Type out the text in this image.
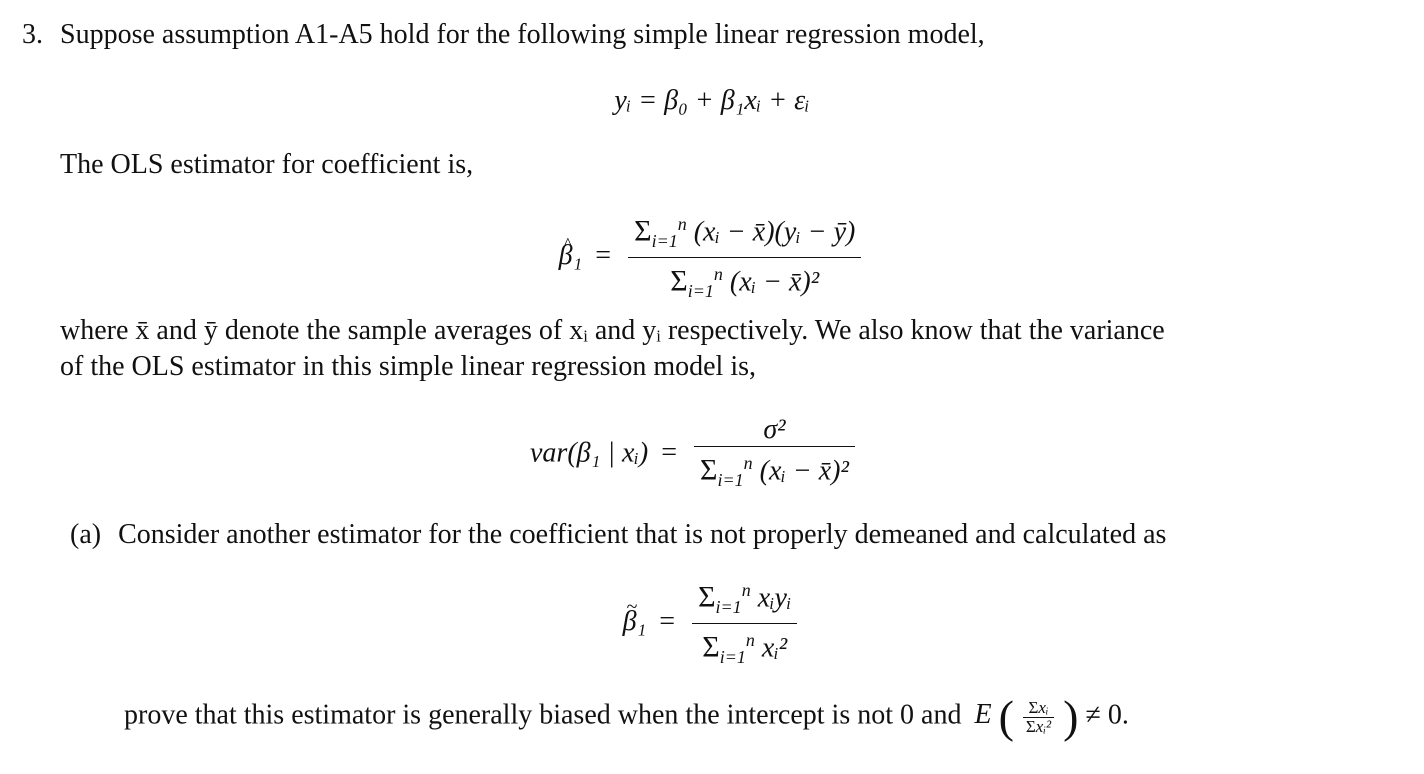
3. Suppose assumption A1-A5 hold for the following simple linear regression model,
yᵢ = β₀ + β₁xᵢ + εᵢ
The OLS estimator for coefficient is,
^ $\beta_1 = \frac{\Sigma_{i=1}^n (xᵢ - x̄)(yᵢ - ȳ)}{\Sigma_{i=1}^n (xᵢ - x̄)^2}$
where x̄ and ȳ denote the sample averages of xᵢ and yᵢ respectively. We also know that the variance
of the OLS estimator in this simple linear regression model is,
var(β₁ | xᵢ) = $\frac{\text{σ²}}{\Sigma_{i=1}^n (xᵢ - x̄)^2}$
(a) Consider another estimator for the coefficient that is not properly demeaned and calculated as
~ $\beta_1 = \frac{\Sigma_{i=1}^n xᵢyᵢ}{\Sigma_{i=1}^n xᵢ^2}$
prove that this estimator is generally biased when the intercept is not 0 and E ( $\frac{\text{Σxᵢ}}{\text{Σxᵢ²}}$ ) ≠ 0.
